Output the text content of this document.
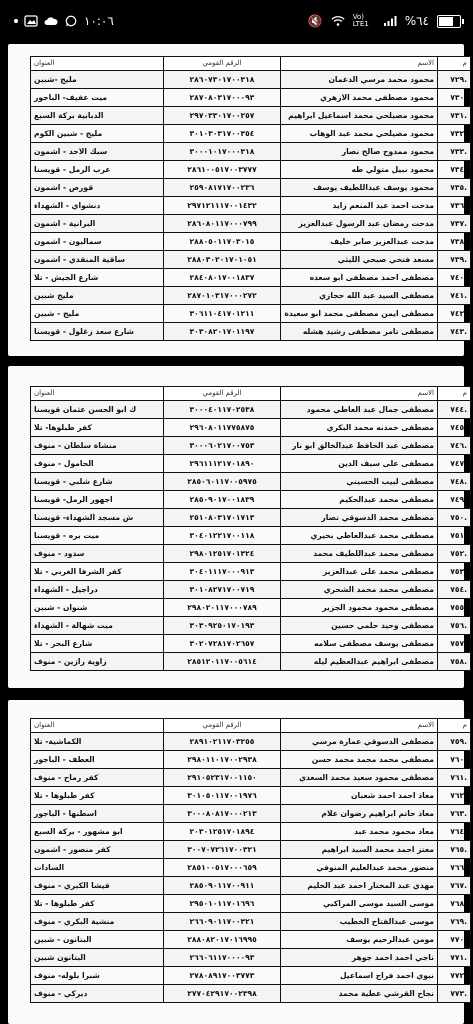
١٠:٠٦	🔇	Vo) LTE1	%٦٤
م	الاسم	الرقم القومي	العنوان
.٧٢٩	محمود محمد مرسي الدغمان	٢٨٦٠٧٣٠١٧٠٠٣١٨	مليج -شبين
.٧٣٠	محمود مصطفى محمد الازهري	٢٨٧٠٨٠٣١٧٠٠٠٩٣	ميت عفيف- الباجور
.٧٣١	محمود مصيلحي محمد اسماعيل ابراهيم	٢٩٧٠٣٣٠١٧٠٠٢٥٧	الدبابية بركة السبع
.٧٣٢	محمود مصيلحي محمد عبد الوهاب	٣٠١٠٣٠٣١٧٠٠٣٥٤	مليج - شبين الكوم
.٧٣٣	محمود ممدوح صالح نصار	٣٠٠٠١٠١٧٠٠٠٣١٨	سبك الاحد - اشمون
.٧٣٤	محمود نبيل متولي طه	٢٨٦١٠٠٥١٧٠٠٣٧٧٧	عرب الرمل - قويسنا
.٧٣٥	محمود يوسف عبداللطيف يوسف	٢٥٩٠٨١٧١٧٠٠٢٣٦	قورص - اشمون
.٧٣٦	مدحت احمد عبد المنعم زايد	٢٩٧١٢١١١٧٠٠١٤٣٢	دنشواي - الشهداء
.٧٣٧	مدحت رمضان عبد الرسول عبدالعزيز	٢٨٦٠٨٠١١٧٠٠٠٧٩٩	البرانية - اشمون
.٧٣٨	مدحت عبدالعزيز صابر خليف	٢٨٨٠٥٠١١٧٠٣٠١٥	سماليون - اشمون
.٧٣٩	مسعد فتحي صبحي الليثي	٢٨٨٠٣٠٢٠١٧٠١٠٥١	ساقية المنقدي - اشمون
.٧٤٠	مصطفى احمد مصطفى ابو سعده	٢٨٤٠٨٠١٧٠٠١٨٣٧	شارع الجيش - تلا
.٧٤١	مصطفى السيد عبد الله حجازي	٢٨٧٠١٠٣١٧٠٠٠٢٧٢	مليج شبين
.٧٤٢	مصطفى ايمن مصطفى محمد ابو سعيدة	٣٠٦١١٠٤١٧٠١٢١١	مليج - شبين
.٧٤٣	مصطفى تامر مصطفى رشيد هشله	٣٠٣٠٨٢٠١٧٠١١٩٧	شارع سعد زغلول - قويسنا
م	الاسم	الرقم القومي	العنوان
.٧٤٤	مصطفى جمال عبد العاطي محمود	٣٠٠٠٤٠١١٧٠٢٥٣٨	ك ابو الحسن عثمان قويسنا
.٧٤٥	مصطفى حمدنه محمد البكري	٢٩٦٠٨٠١١٧٧٥٨٧٥	كفر طبلوها- تلا
.٧٤٦	مصطفى عبد الحافظ عبدالخالق ابو نار	٣٠٠٠٦٠٢١٧٠٠٧٥٣	منشاة سلطان - منوف
.٧٤٧	مصطفى على سيف الدين	٢٩٦١١١٢١٧٠١٨٩٠	الحامول - منوف
.٧٤٨	مصطفى لبيب الحسيني	٢٨٥٠٦٠١١٧٠٠٥٩٧٥	شارع شلبي - قويسنا
.٧٤٩	مصطفى محمد عبدالحكيم	٢٨٥٠٩٠١٧٠٠١٨٣٩	اجهور الرمل- قويسنا
.٧٥٠	مصطفى محمد الدسوقي نصار	٢٥١٠٨٠٣١٧٠١٧١٣	ش مسجد الشهداء- قويسنا
.٧٥١	مصطفى محمد عبدالعاطي بحيري	٣٠٤٠١٢٢١٧٠٠١١٨	ميت بره - قويسنا
.٧٥٢	مصطفى محمد عبداللطيف محمد	٢٩٨٠١٢٥١٧٠١٣٢٤	سدود - منوف
.٧٥٣	مصطفى محمد على عبدالعزيز	٣٠٤٠١١١٧٠٠٠٩١٣	كفر الشرفا الغربي - تلا
.٧٥٤	مصطفى محمد محمد الشحري	٣٠١٠٨٢٧١٧٠٠٧١٩	دراجيل - الشهداء
.٧٥٥	مصطفى محمود محمود الجزير	٢٩٨٠٢٠١١٧٠٠٠٧٨٩	شنوان - شبين
.٧٥٦	مصطفى وحيد حلمي حسين	٣٠٣٠٩٢٥٠١٧٠١٩٣	ميت شهالة - الشهداء
.٧٥٧	مصطفى يوسف مصطفى سلامه	٣٠٢٠٧٢٨١٧٠٢٦٥٧	شارع البحر - تلا
.٧٥٨	مصطفى ابراهيم عبدالعظيم ليله	٢٨٥١٢٠١١٧٠٠٥٦١٤	زاوية رازين - منوف
م	الاسم	الرقم القومي	العنوان
.٧٥٩	مصطفى الدسوقي عمارة مرسي	٢٨٩١٠٢١١٧٠٣٢٥٥	الكماشية- تلا
.٧٦٠	مصطفى محمد محمد محمد حسن	٢٩٨٠١١٠١٧٠٠٢٩٣٨	العطف - الباجور
.٧٦١	مصطفى محمود سعيد محمد السعدي	٢٩١٠٥٢٣١٧٠٠١١٥٠	كفر رماح - منوف
.٧٦٢	معاذ احمد احمد شعبان	٣٠١٠٥٠١١٧٠٠١٩٧٦	كفر طبلوها - تلا
.٧٦٣	معاذ حاتم ابراهيم رضوان علام	٣٠٠٠٨٠٨١٧٠٠٠٢١٣	اسطنها - الباجور
.٧٦٤	معاذ محمود محمد عبد	٢٠٣٠١٢٥١٧٠١٨٩٤	ابو مشهور - بركة السبع
.٧٦٥	معتز احمد محمد السيد ابراهيم	٣٠٠٧٠٧٢٦١٧٠٠٣٢١	كفر منصور - اشمون
.٧٦٦	منصور محمد عبدالعليم المنوفي	٢٨٥١٠٠٥١٧٠٠٠٦٥٩	السادات
.٧٦٧	مهدي عبد المختار احمد عبد الحليم	٢٨٥٠٩٠١١٧٠٠٩١١	فيشا الكبري - منوف
.٧٦٨	موسى السيد موسى المراكبي	٢٩٥٠١٠١١٧٠١٦٩٦	كفر طبلوها - تلا
.٧٦٩	موسى عبدالفتاح الخطيب	٢٦٦٠٩٠١١٧٠٠٣٢١	منشية البكري - منوف
.٧٧٠	مومن عبدالرحيم يوسف	٢٨٨٠٨٢٠١٧٠١٦٩٩٥	البتانون - شبين
.٧٧١	ناجي احمد احمد جوهر	٢٦٦٠٦١١٧٠٠٠٠٩٣	البتانون شبين
.٧٧٢	نبوي احمد فراج اسماعيل	٢٧٨٠٨٩١٧٠٠٣٧٧٣	شبرا بلوله- منوف
.٧٧٣	نجاح القرشي عطية محمد	٢٧٧٠٤٢٩١٧٠٠٢٣٩٨	ديركي - منوف
